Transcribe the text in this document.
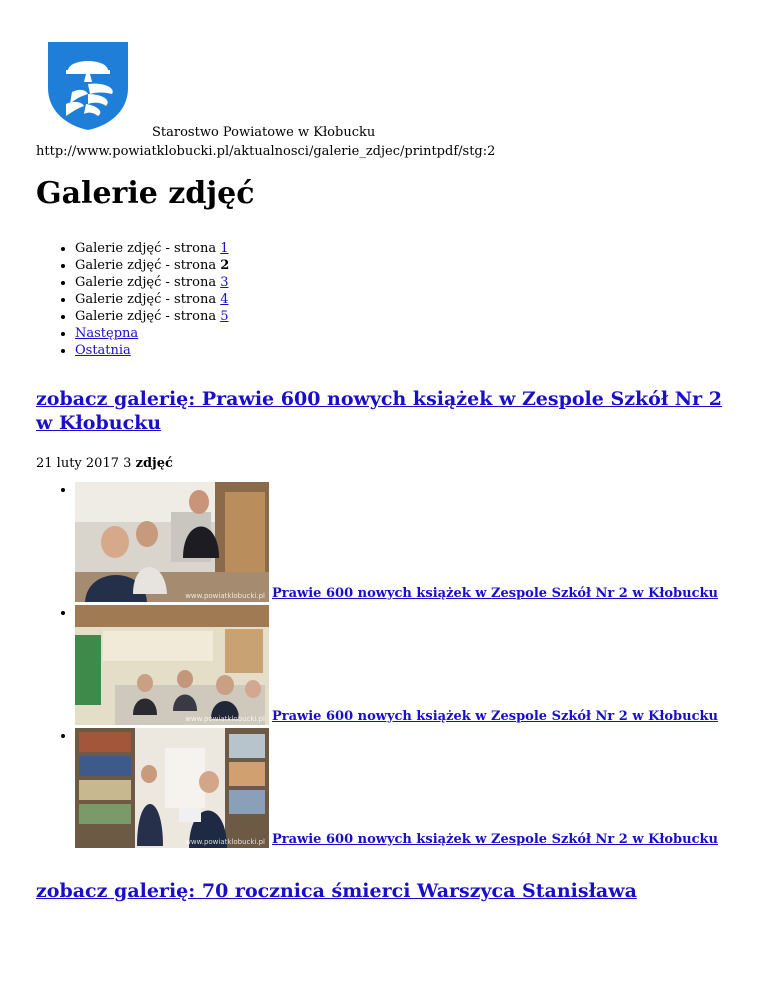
Starostwo Powiatowe w Kłobucku
http://www.powiatklobucki.pl/aktualnosci/galerie_zdjec/printpdf/stg:2
Galerie zdjęć
• Galerie zdjęć - strona 1
• Galerie zdjęć - strona 2
• Galerie zdjęć - strona 3
• Galerie zdjęć - strona 4
• Galerie zdjęć - strona 5
• Następna
• Ostatnia
zobacz galerię: Prawie 600 nowych książek w Zespole Szkół Nr 2 w Kłobucku
21 luty 2017 3 zdjęć
www.powiatklobucki.pl Prawie 600 nowych książek w Zespole Szkół Nr 2 w Kłobucku
www.powiatklobucki.pl Prawie 600 nowych książek w Zespole Szkół Nr 2 w Kłobucku
www.powiatklobucki.pl Prawie 600 nowych książek w Zespole Szkół Nr 2 w Kłobucku
zobacz galerię: 70 rocznica śmierci Warszyca Stanisława
